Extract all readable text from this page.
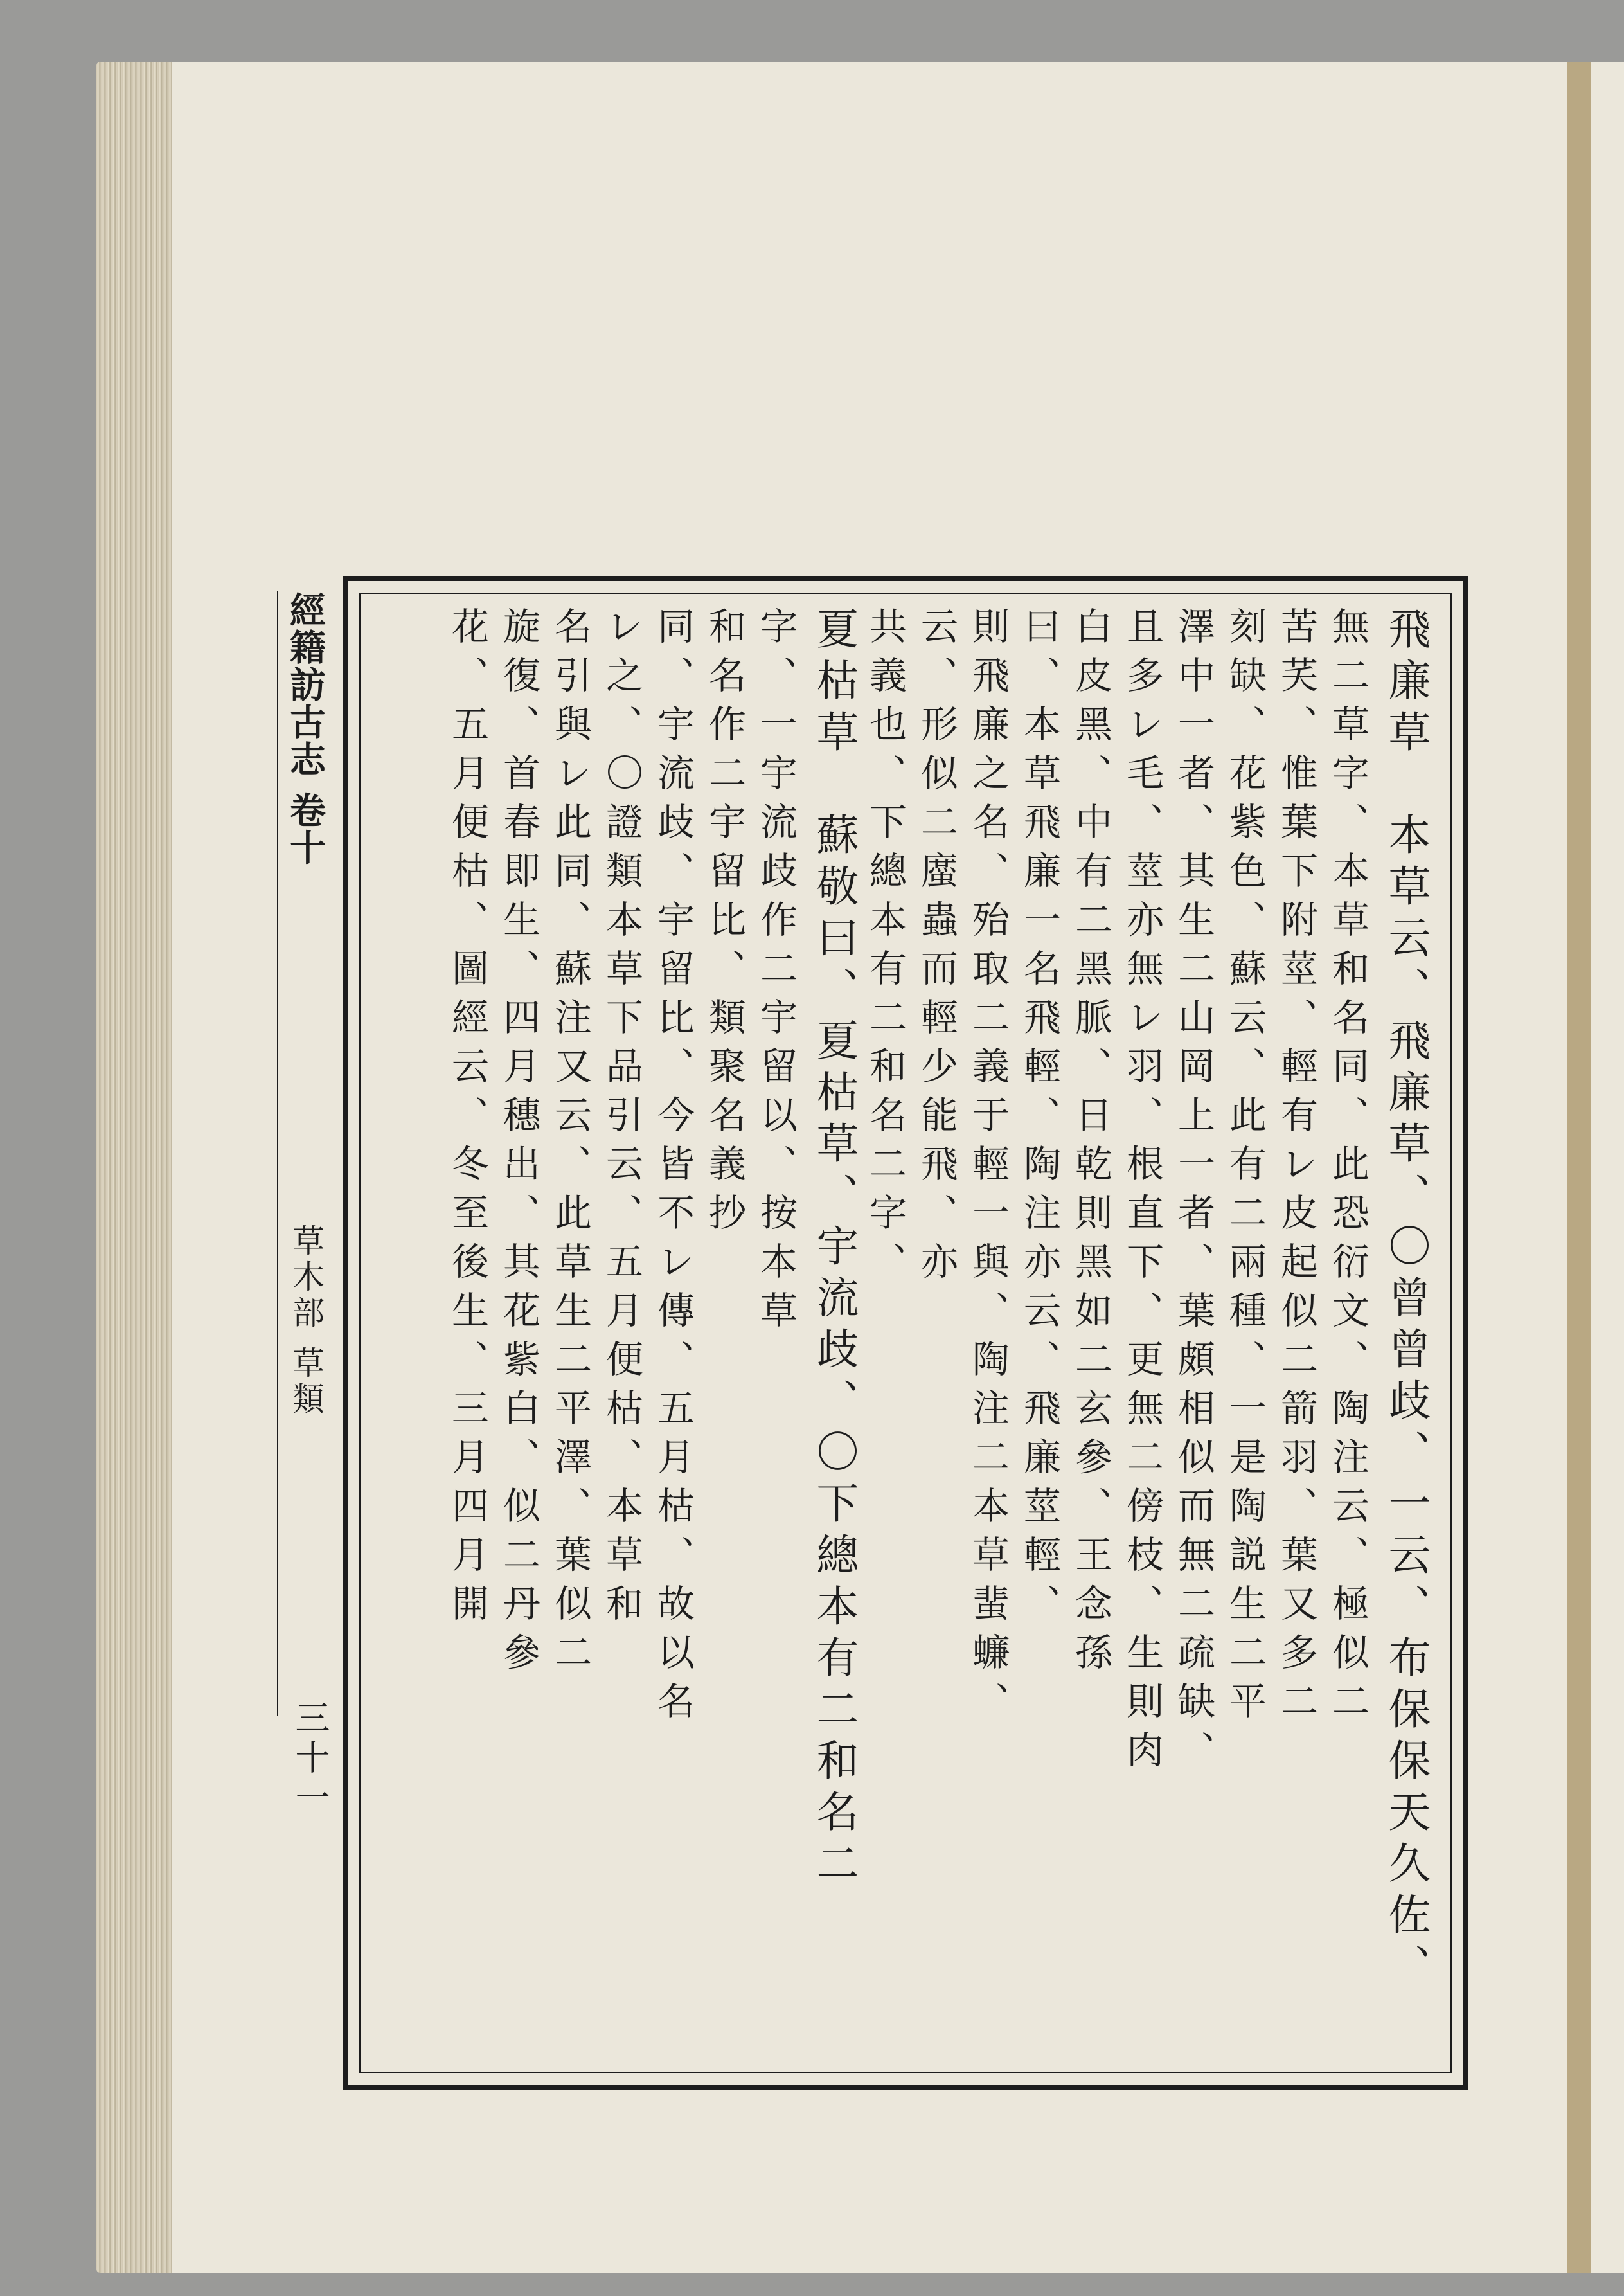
經籍訪古志 卷十
草木部 草類
三十一	飛廉草　本草云、飛廉草、〇曾曾歧、一云、布保保天久佐、
無二草字、本草和名同、此恐衍文、陶注云、極似二
苦芺、惟葉下附莖、輕有レ皮起似二箭羽、葉又多二
刻缺、花紫色、蘇云、此有二兩種、一是陶説生二平
澤中一者、其生二山岡上一者、葉頗相似而無二疏缺、
且多レ毛、莖亦無レ羽、根直下、更無二傍枝、生則肉
白皮黑、中有二黑脈、日乾則黑如二玄參、王念孫
曰、本草飛廉一名飛輕、陶注亦云、飛廉莖輕、
則飛廉之名、殆取二義于輕一與、陶注二本草蜚蠊、
云、形似二䗪蟲而輕少能飛、亦
共義也、下總本有二和名二字、
夏枯草　蘇敬曰、夏枯草、宇流歧、〇下總本有二和名二
字、一宇流歧作二宇留以、按本草
和名作二宇留比、類聚名義抄
同、宇流歧、宇留比、今皆不レ傳、五月枯、故以名
レ之、〇證類本草下品引云、五月便枯、本草和
名引與レ此同、蘇注又云、此草生二平澤、葉似二
旋復、首春即生、四月穗出、其花紫白、似二丹參
花、五月便枯、圖經云、冬至後生、三月四月開
